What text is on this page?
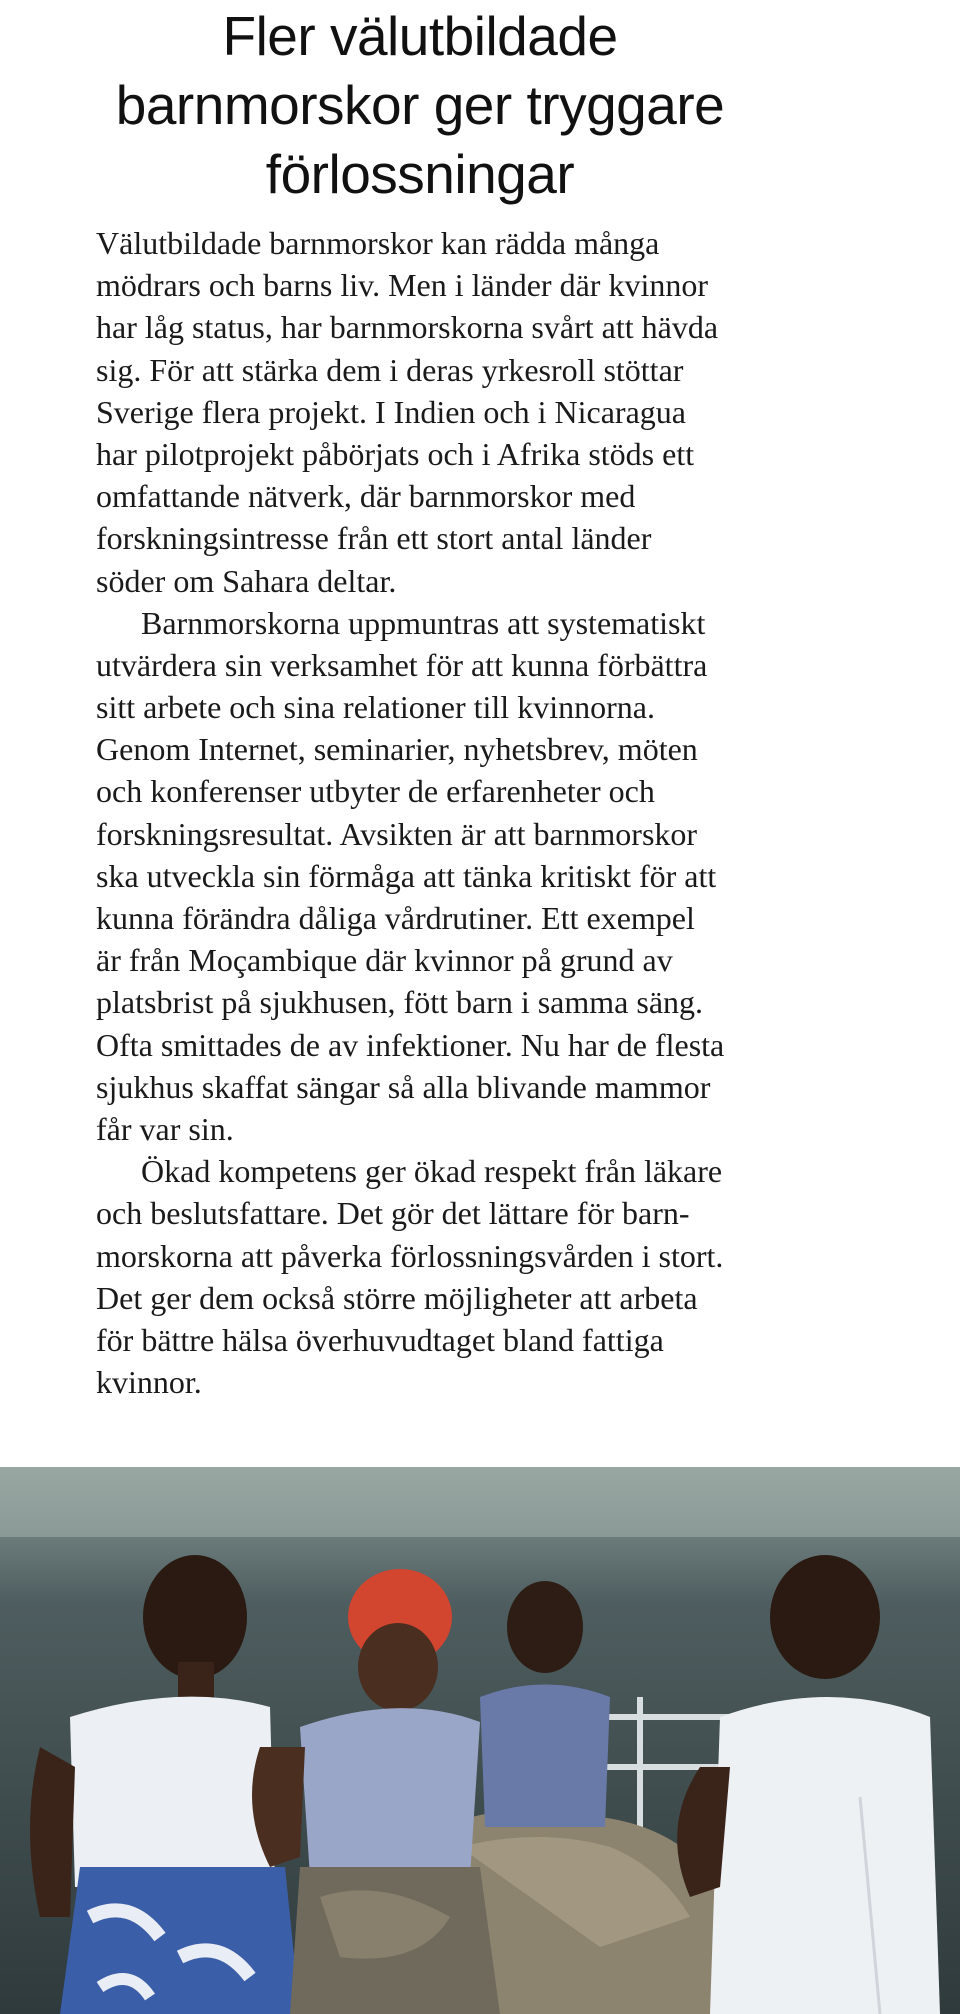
Fler välutbildade
barnmorskor ger tryggare
förlossningar
Välutbildade barnmorskor kan rädda många
mödrars och barns liv. Men i länder där kvinnor
har låg status, har barnmorskorna svårt att hävda
sig. För att stärka dem i deras yrkesroll stöttar
Sverige flera projekt. I Indien och i Nicaragua
har pilotprojekt påbörjats och i Afrika stöds ett
omfattande nätverk, där barnmorskor med
forskningsintresse från ett stort antal länder
söder om Sahara deltar.
Barnmorskorna uppmuntras att systematiskt
utvärdera sin verksamhet för att kunna förbättra
sitt arbete och sina relationer till kvinnorna.
Genom Internet, seminarier, nyhetsbrev, möten
och konferenser utbyter de erfarenheter och
forskningsresultat. Avsikten är att barnmorskor
ska utveckla sin förmåga att tänka kritiskt för att
kunna förändra dåliga vårdrutiner. Ett exempel
är från Moçambique där kvinnor på grund av
platsbrist på sjukhusen, fött barn i samma säng.
Ofta smittades de av infektioner. Nu har de flesta
sjukhus skaffat sängar så alla blivande mammor
får var sin.
Ökad kompetens ger ökad respekt från läkare
och beslutsfattare. Det gör det lättare för barn-
morskorna att påverka förlossningsvården i stort.
Det ger dem också större möjligheter att arbeta
för bättre hälsa överhuvudtaget bland fattiga
kvinnor.
